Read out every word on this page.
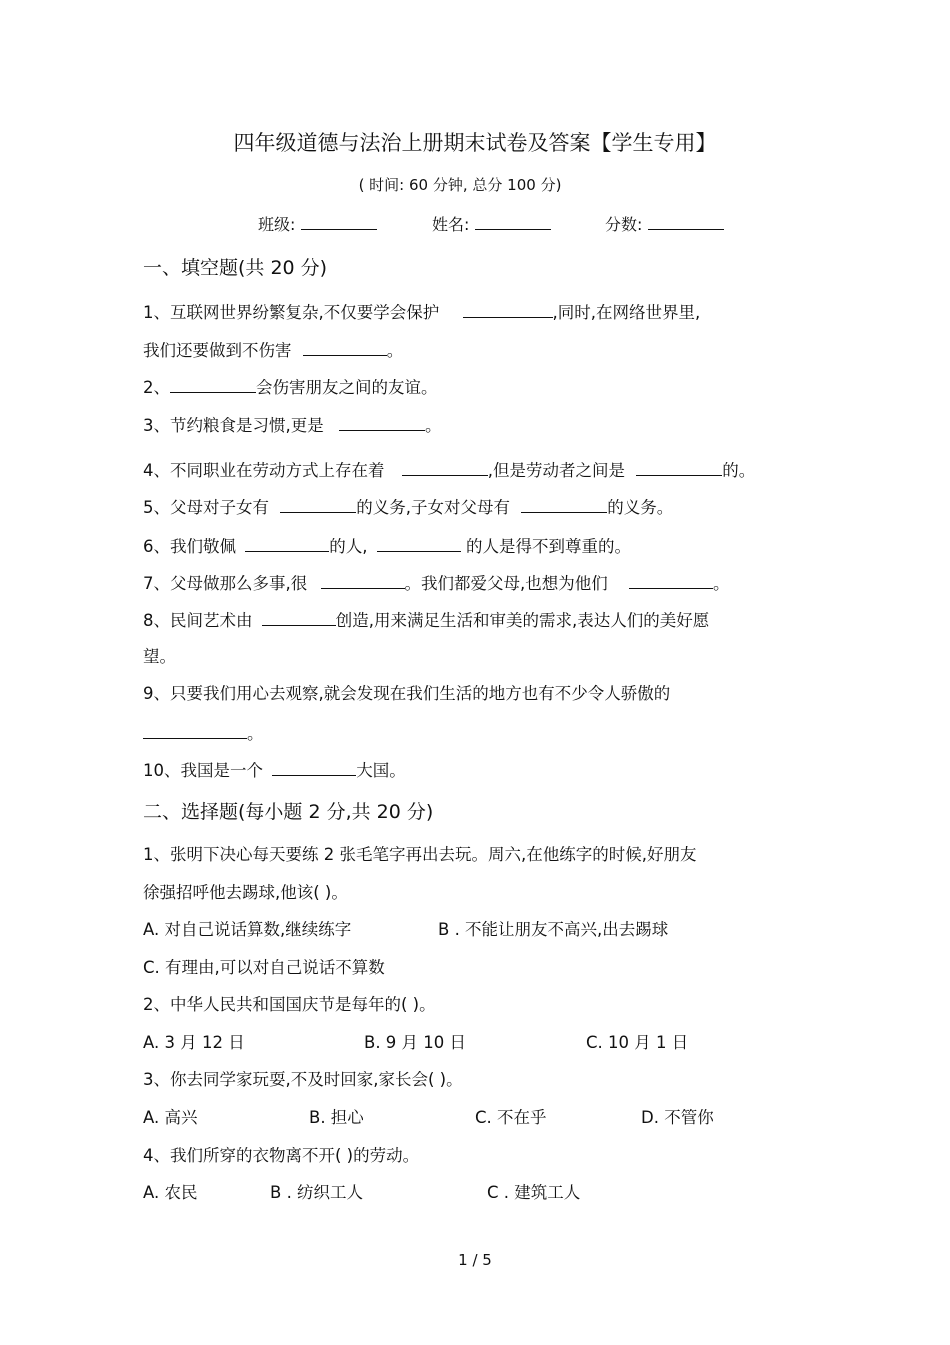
四年级道德与法治上册期末试卷及答案【学生专用】
( 时间: 60 分钟, 总分 100 分)
班级:	姓名:	分数:
一、填空题(共 20 分)
1、互联网世界纷繁复杂,不仅要学会保护	,同时,在网络世界里,
我们还要做到不伤害	。
2、	会伤害朋友之间的友谊。
3、节约粮食是习惯,更是	。
4、不同职业在劳动方式上存在着	,但是劳动者之间是	的。
5、父母对子女有	的义务,子女对父母有	的义务。
6、我们敬佩	的人,	的人是得不到尊重的。
7、父母做那么多事,很	。我们都爱父母,也想为他们	。
8、民间艺术由	创造,用来满足生活和审美的需求,表达人们的美好愿
望。
9、只要我们用心去观察,就会发现在我们生活的地方也有不少令人骄傲的
。
10、我国是一个	大国。
二、选择题(每小题 2 分,共 20 分)
1、张明下决心每天要练 2 张毛笔字再出去玩。周六,在他练字的时候,好朋友
徐强招呼他去踢球,他该( )。
A. 对自己说话算数,继续练字	B . 不能让朋友不高兴,出去踢球
C. 有理由,可以对自己说话不算数
2、中华人民共和国国庆节是每年的( )。
A. 3 月 12 日	B. 9 月 10 日	C. 10 月 1 日
3、你去同学家玩耍,不及时回家,家长会( )。
A. 高兴	B. 担心	C. 不在乎	D. 不管你
4、我们所穿的衣物离不开( )的劳动。
A. 农民	B . 纺织工人	C . 建筑工人
1 / 5
